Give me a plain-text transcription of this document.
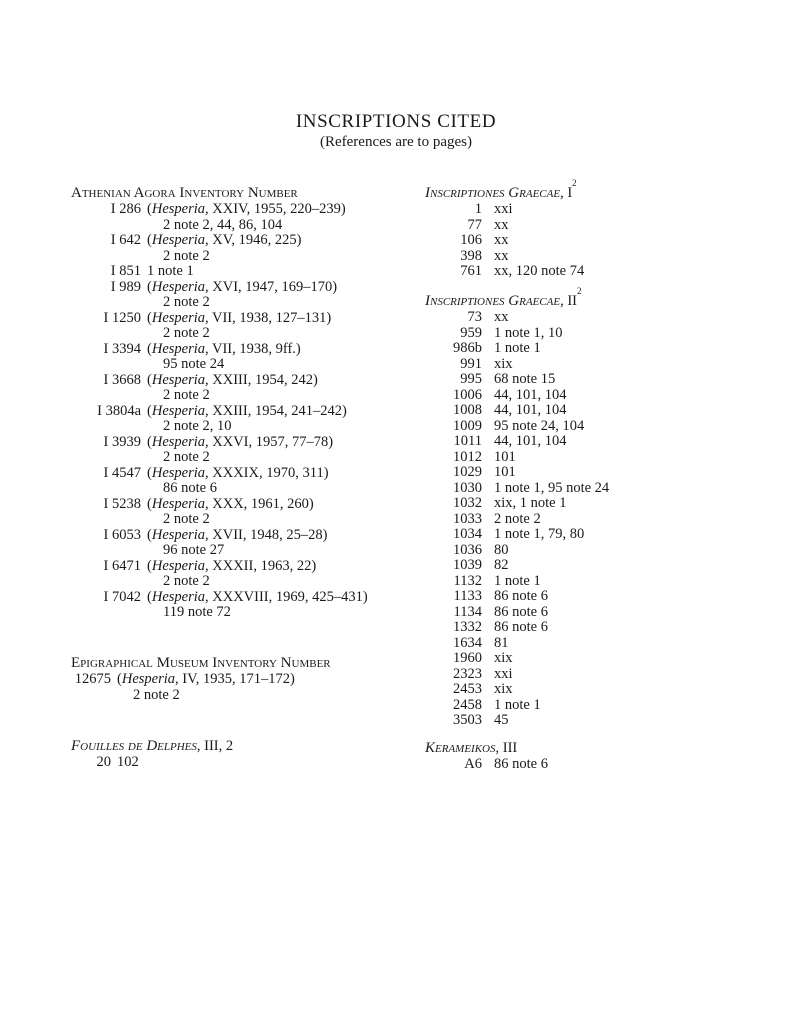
INSCRIPTIONS CITED
(References are to pages)
Athenian Agora Inventory Number
I 286 (Hesperia, XXIV, 1955, 220–239)
2 note 2, 44, 86, 104
I 642 (Hesperia, XV, 1946, 225)
2 note 2
I 851 1 note 1
I 989 (Hesperia, XVI, 1947, 169–170)
2 note 2
I 1250 (Hesperia, VII, 1938, 127–131)
2 note 2
I 3394 (Hesperia, VII, 1938, 9ff.)
95 note 24
I 3668 (Hesperia, XXIII, 1954, 242)
2 note 2
I 3804a (Hesperia, XXIII, 1954, 241–242)
2 note 2, 10
I 3939 (Hesperia, XXVI, 1957, 77–78)
2 note 2
I 4547 (Hesperia, XXXIX, 1970, 311)
86 note 6
I 5238 (Hesperia, XXX, 1961, 260)
2 note 2
I 6053 (Hesperia, XVII, 1948, 25–28)
96 note 27
I 6471 (Hesperia, XXXII, 1963, 22)
2 note 2
I 7042 (Hesperia, XXXVIII, 1969, 425–431)
119 note 72
Epigraphical Museum Inventory Number
12675 (Hesperia, IV, 1935, 171–172)
2 note 2
Fouilles de Delphes, III, 2
20 102
Inscriptiones Graecae, $I^2$
1 xxi
77 xx
106 xx
398 xx
761 xx, 120 note 74
Inscriptiones Graecae, $II^2$
73 xx
959 1 note 1, 10
986b 1 note 1
991 xix
995 68 note 15
1006 44, 101, 104
1008 44, 101, 104
1009 95 note 24, 104
1011 44, 101, 104
1012 101
1029 101
1030 1 note 1, 95 note 24
1032 xix, 1 note 1
1033 2 note 2
1034 1 note 1, 79, 80
1036 80
1039 82
1132 1 note 1
1133 86 note 6
1134 86 note 6
1332 86 note 6
1634 81
1960 xix
2323 xxi
2453 xix
2458 1 note 1
3503 45
Kerameikos, III
A6 86 note 6
